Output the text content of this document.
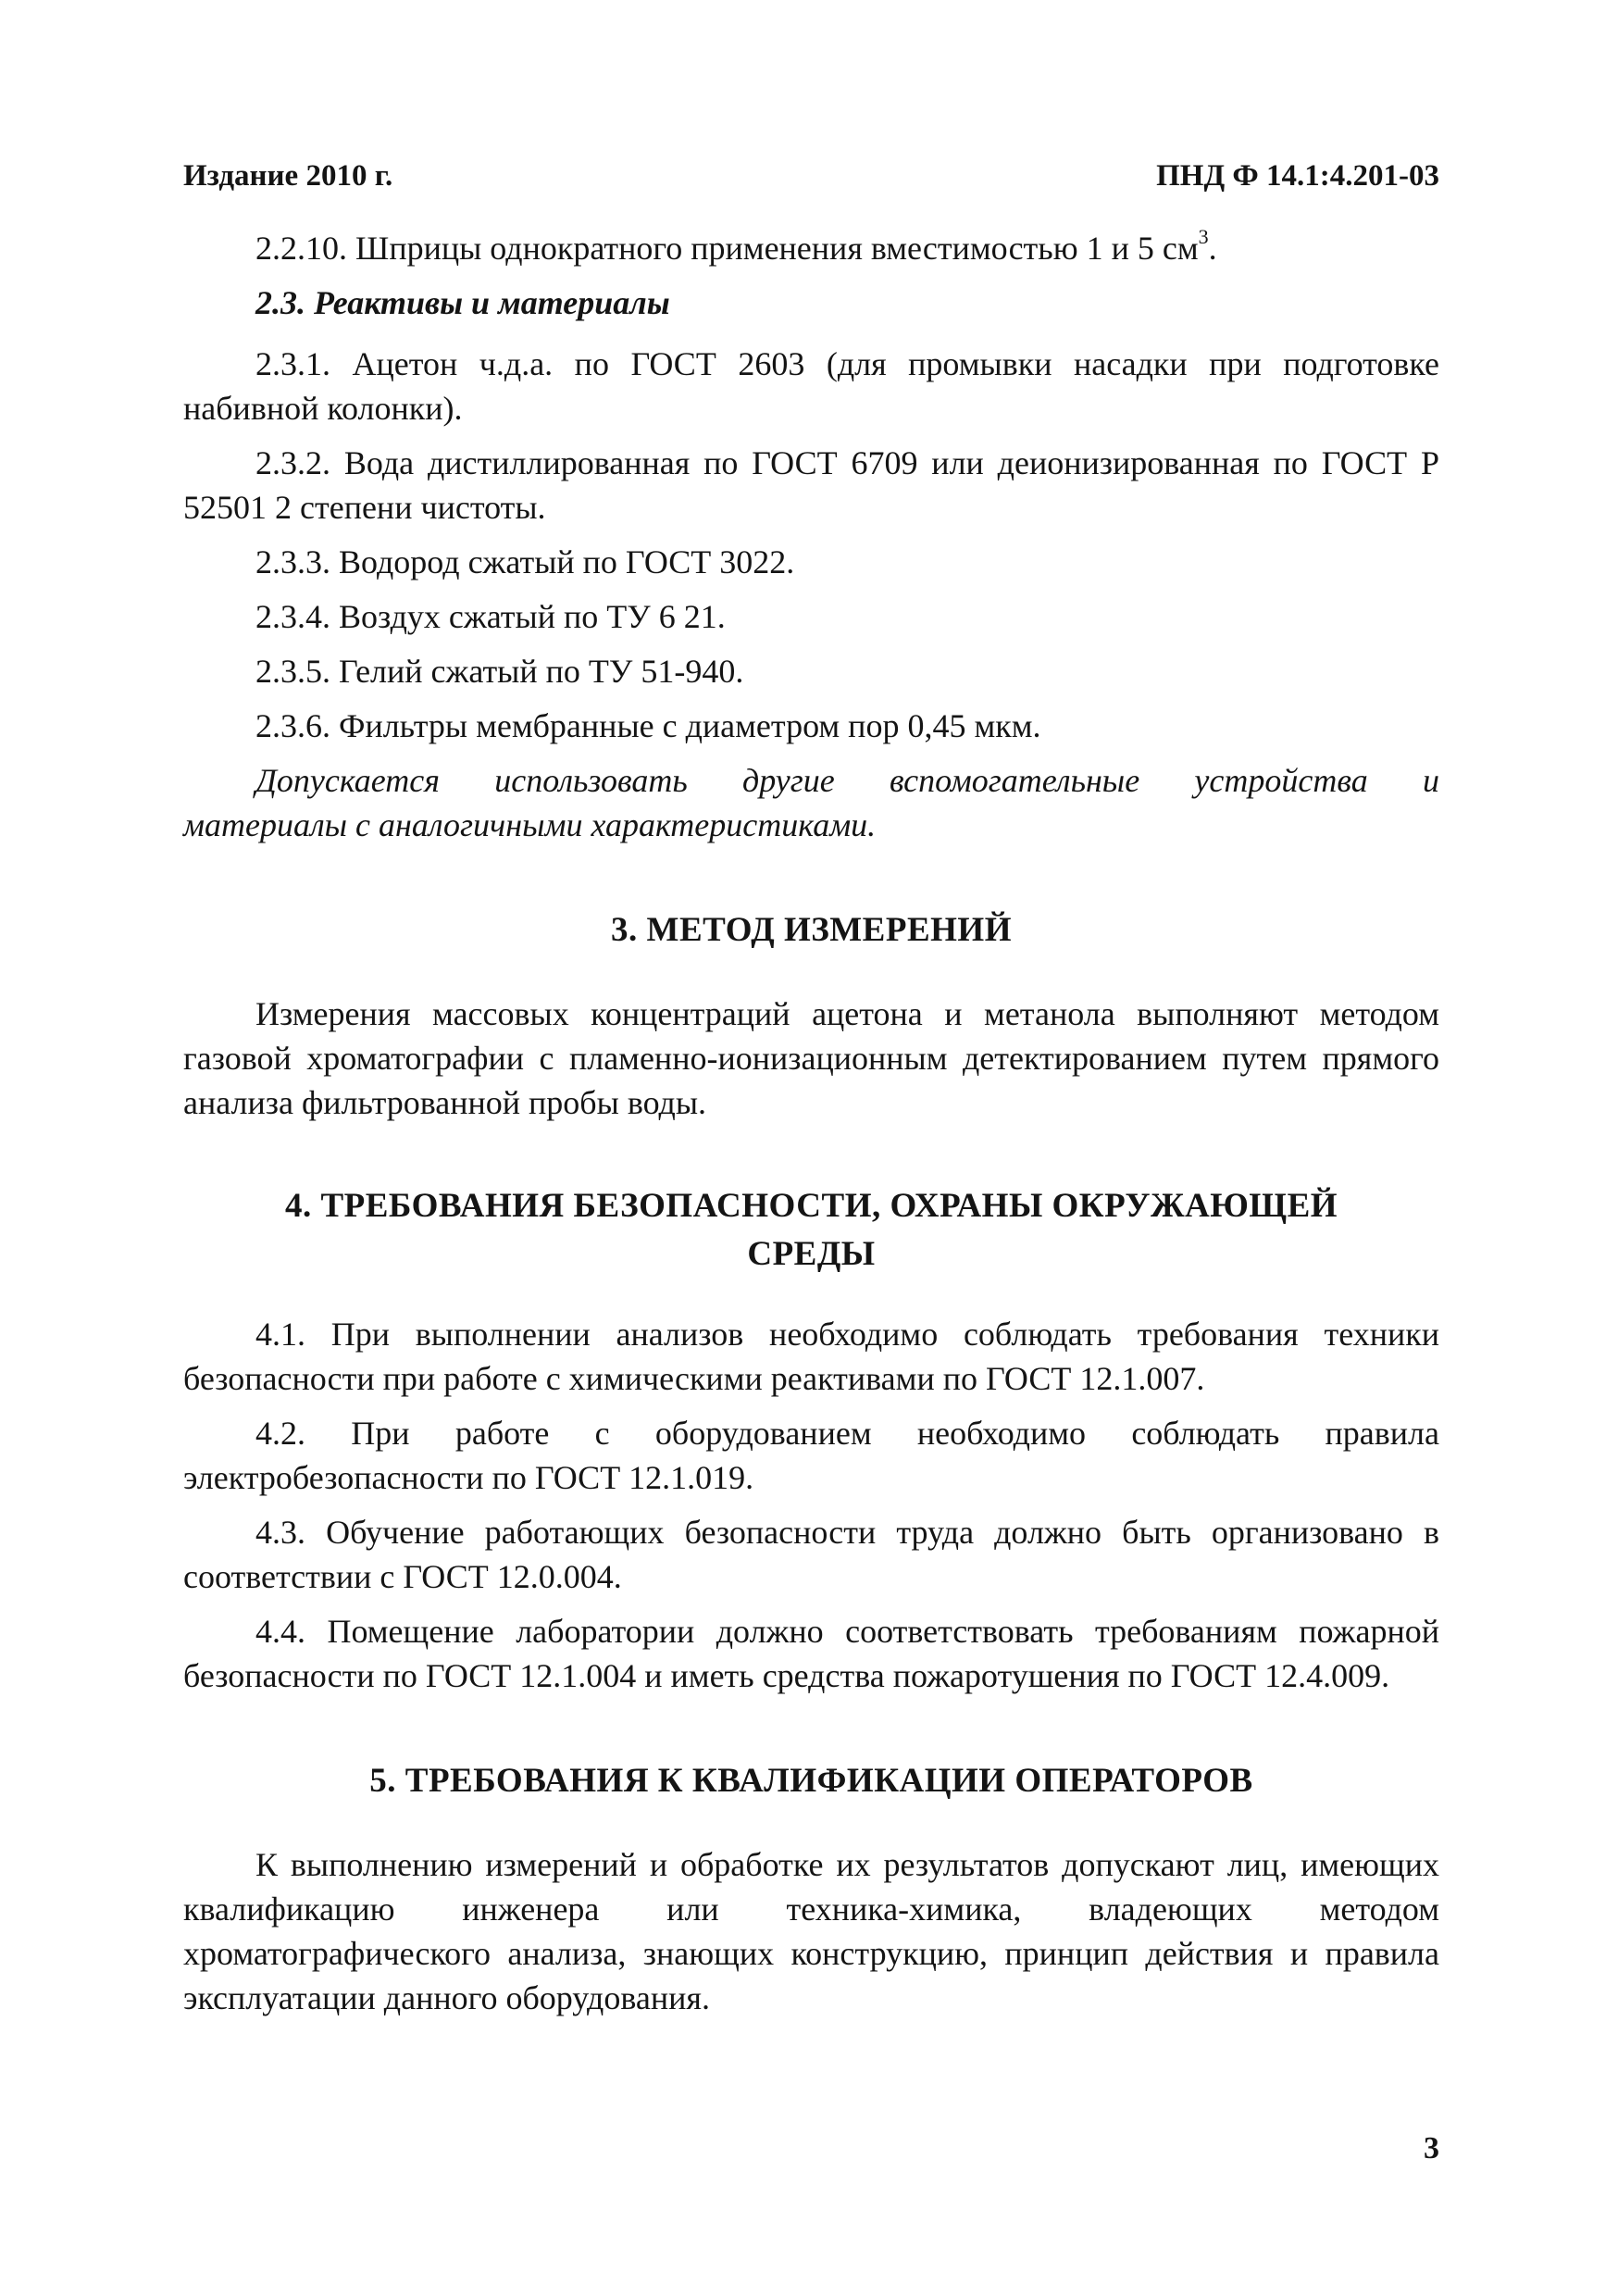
Издание 2010 г.	ПНД Ф 14.1:4.201-03

2.2.10. Шприцы однократного применения вместимостью 1 и 5 $см^3$.

2.3. Реактивы и материалы

2.3.1. Ацетон ч.д.а. по ГОСТ 2603 (для промывки насадки при подготовке набивной колонки).

2.3.2. Вода дистиллированная по ГОСТ 6709 или деионизированная по ГОСТ Р 52501 2 степени чистоты.

2.3.3. Водород сжатый по ГОСТ 3022.

2.3.4. Воздух сжатый по ТУ 6 21.

2.3.5. Гелий сжатый по ТУ 51-940.

2.3.6. Фильтры мембранные с диаметром пор 0,45 мкм.

Допускается использовать другие вспомогательные устройства и
материалы с аналогичными характеристиками.

3. МЕТОД ИЗМЕРЕНИЙ

Измерения массовых концентраций ацетона и метанола выполняют методом газовой хроматографии с пламенно-ионизационным детектированием путем прямого анализа фильтрованной пробы воды.

4. ТРЕБОВАНИЯ БЕЗОПАСНОСТИ, ОХРАНЫ ОКРУЖАЮЩЕЙ
СРЕДЫ

4.1. При выполнении анализов необходимо соблюдать требования техники безопасности при работе с химическими реактивами по ГОСТ 12.1.007.

4.2. При работе с оборудованием необходимо соблюдать правила электробезопасности по ГОСТ 12.1.019.

4.3. Обучение работающих безопасности труда должно быть организовано в соответствии с ГОСТ 12.0.004.

4.4. Помещение лаборатории должно соответствовать требованиям пожарной безопасности по ГОСТ 12.1.004 и иметь средства пожаротушения по ГОСТ 12.4.009.

5. ТРЕБОВАНИЯ К КВАЛИФИКАЦИИ ОПЕРАТОРОВ

К выполнению измерений и обработке их результатов допускают лиц, имеющих квалификацию инженера или техника-химика, владеющих методом хроматографического анализа, знающих конструкцию, принцип действия и правила эксплуатации данного оборудования.

3
